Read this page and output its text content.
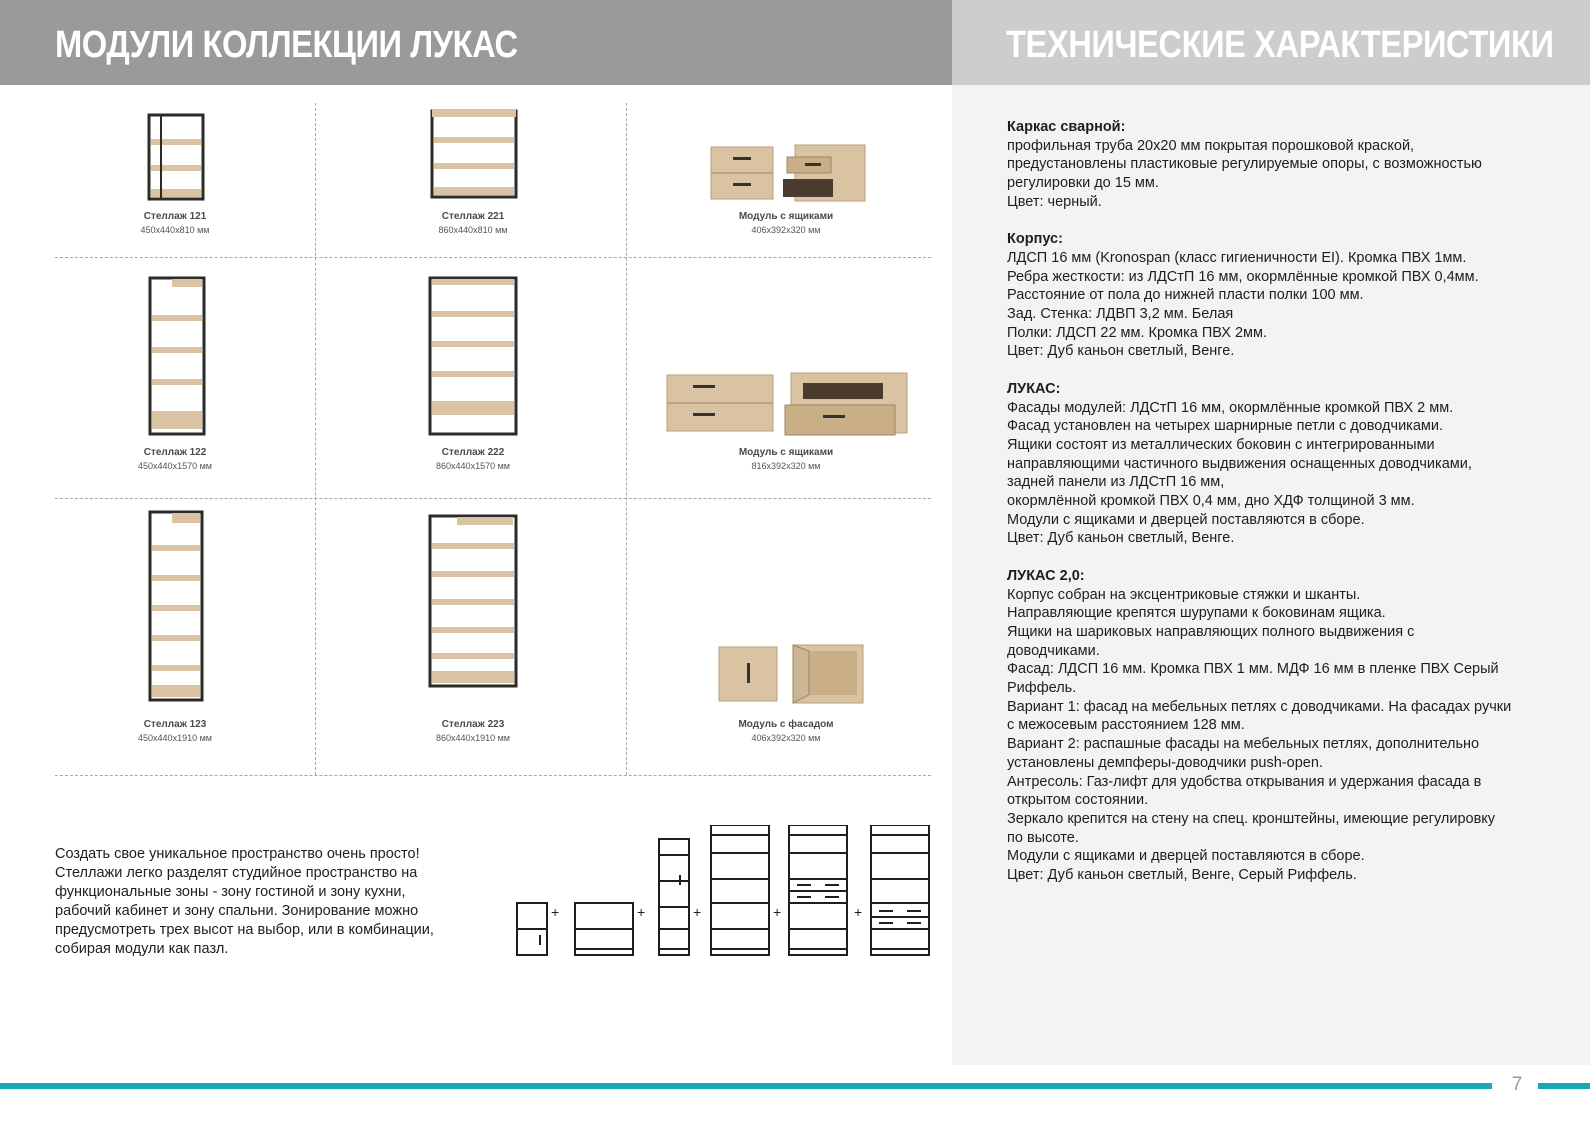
МОДУЛИ КОЛЛЕКЦИИ ЛУКАС	ТЕХНИЧЕСКИЕ ХАРАКТЕРИСТИКИ
Стеллаж 121
450x440x810 мм
Стеллаж 221
860x440x810 мм
Модуль с ящиками
406x392x320 мм
Стеллаж 122
450x440x1570 мм
Стеллаж 222
860x440x1570 мм
Модуль с ящиками
816x392x320 мм
Стеллаж 123
450x440x1910 мм
Стеллаж 223
860x440x1910 мм
Модуль с фасадом
406x392x320 мм
Создать свое уникальное пространство очень просто!
Стеллажи легко разделят студийное пространство на
функциональные зоны - зону гостиной и зону кухни,
рабочий кабинет и зону спальни. Зонирование можно
предусмотреть трех высот на выбор, или в комбинации,
собирая модули как пазл.
+	+	+	+	+
Каркас сварной:
профильная труба 20x20 мм покрытая порошковой краской,
предустановлены пластиковые регулируемые опоры, с возможностью
регулировки до 15 мм.
Цвет: черный.
Корпус:
ЛДСП 16 мм (Kronospan (класс гигиеничности EI). Кромка ПВХ 1мм.
Ребра жесткости: из ЛДСтП 16 мм, окормлённые кромкой ПВХ 0,4мм.
Расстояние от пола до нижней пласти полки 100 мм.
Зад. Стенка: ЛДВП 3,2 мм. Белая
Полки: ЛДСП 22 мм. Кромка ПВХ 2мм.
Цвет: Дуб каньон светлый, Венге.
ЛУКАС:
Фасады модулей: ЛДСтП 16 мм, окормлённые кромкой ПВХ 2 мм.
Фасад установлен на четырех шарнирные петли с доводчиками.
Ящики состоят из металлических боковин с интегрированными
направляющими частичного выдвижения оснащенных доводчиками,
задней панели из ЛДСтП 16 мм,
окормлённой кромкой ПВХ 0,4 мм, дно ХДФ толщиной 3 мм.
Модули с ящиками и дверцей поставляются в сборе.
Цвет: Дуб каньон светлый, Венге.
ЛУКАС 2,0:
Корпус собран на эксцентриковые стяжки и шканты.
Направляющие крепятся шурупами к боковинам ящика.
Ящики на шариковых направляющих полного выдвижения с
доводчиками.
Фасад: ЛДСП 16 мм. Кромка ПВХ 1 мм. МДФ 16 мм в пленке ПВХ Серый
Риффель.
Вариант 1: фасад на мебельных петлях с доводчиками. На фасадах ручки
с межосевым расстоянием 128 мм.
Вариант 2: распашные фасады на мебельных петлях, дополнительно
установлены демпферы-доводчики push-open.
Антресоль: Газ-лифт для удобства открывания и удержания фасада в
открытом состоянии.
Зеркало крепится на стену на спец. кронштейны, имеющие регулировку
по высоте.
Модули с ящиками и дверцей поставляются в сборе.
Цвет: Дуб каньон светлый, Венге, Серый Риффель.
7
